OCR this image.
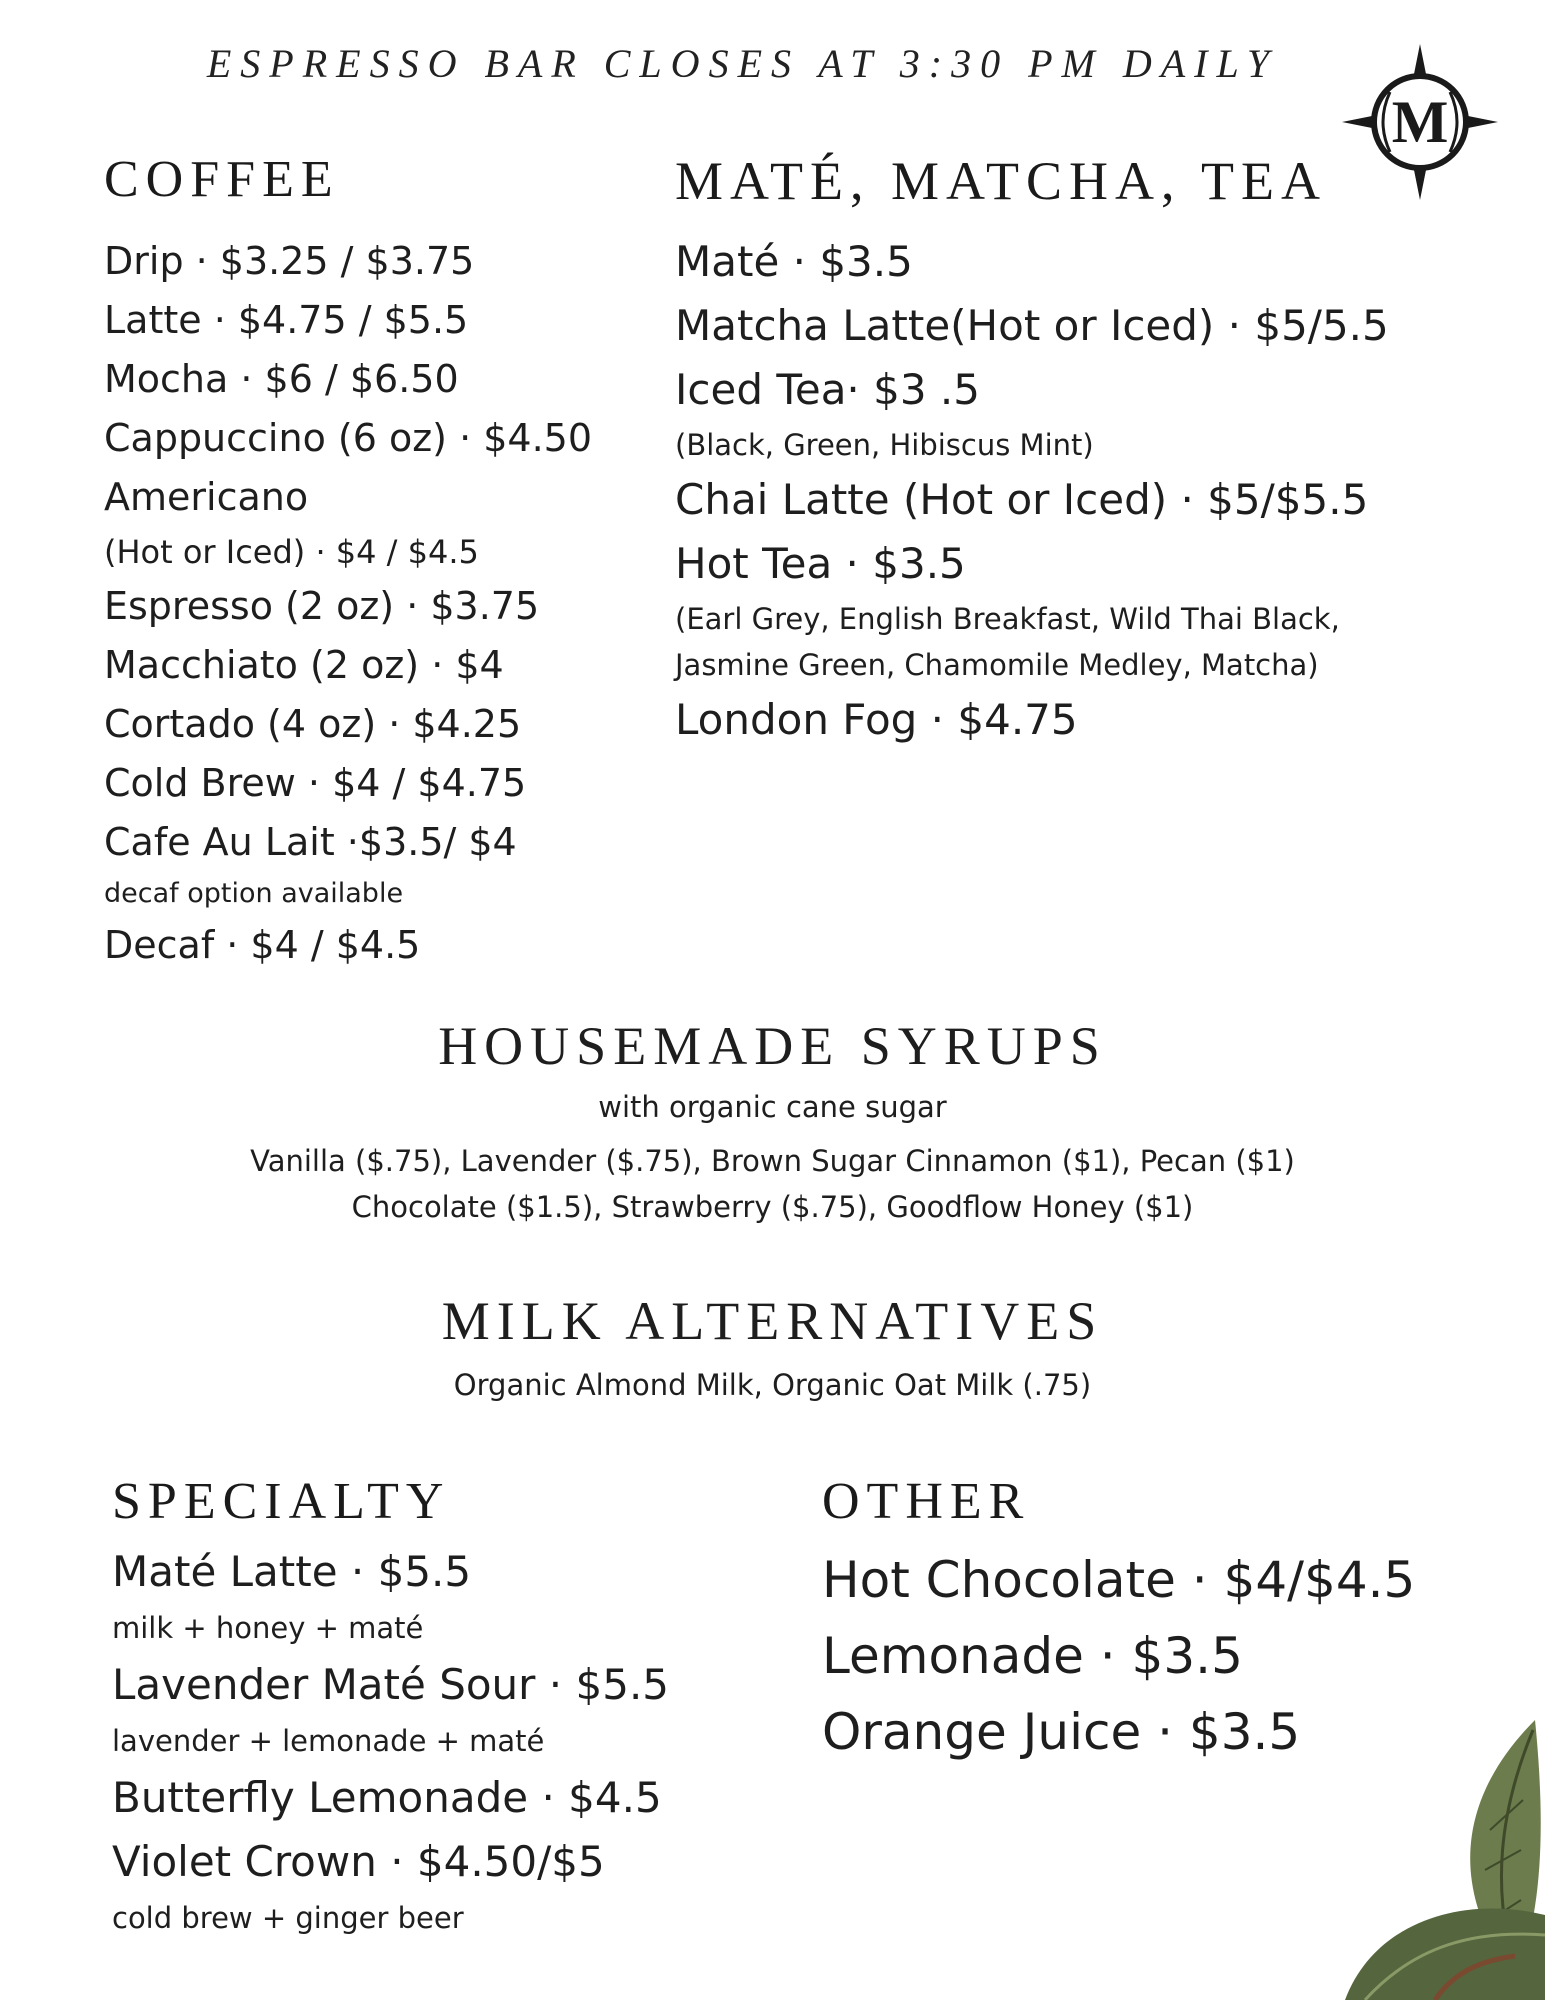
ESPRESSO BAR CLOSES AT 3:30 PM DAILY
M
COFFEE
Drip · $3.25 / $3.75
Latte · $4.75 / $5.5
Mocha · $6 / $6.50
Cappuccino (6 oz) · $4.50
Americano
(Hot or Iced) · $4 / $4.5
Espresso (2 oz) · $3.75
Macchiato (2 oz) · $4
Cortado (4 oz) · $4.25
Cold Brew · $4 / $4.75
Cafe Au Lait ·$3.5/ $4
decaf option available
Decaf · $4 / $4.5
MATÉ, MATCHA, TEA
Maté · $3.5
Matcha Latte(Hot or Iced) · $5/5.5
Iced Tea· $3 .5
(Black, Green, Hibiscus Mint)
Chai Latte (Hot or Iced) · $5/$5.5
Hot Tea · $3.5
(Earl Grey, English Breakfast, Wild Thai Black,
Jasmine Green, Chamomile Medley, Matcha)
London Fog · $4.75
HOUSEMADE SYRUPS
with organic cane sugar
Vanilla ($.75), Lavender ($.75), Brown Sugar Cinnamon ($1), Pecan ($1)
Chocolate ($1.5), Strawberry ($.75), Goodflow Honey ($1)
MILK ALTERNATIVES
Organic Almond Milk, Organic Oat Milk (.75)
SPECIALTY
Maté Latte · $5.5
milk + honey + maté
Lavender Maté Sour · $5.5
lavender + lemonade + maté
Butterfly Lemonade · $4.5
Violet Crown · $4.50/$5
cold brew + ginger beer
OTHER
Hot Chocolate · $4/$4.5
Lemonade · $3.5
Orange Juice · $3.5
